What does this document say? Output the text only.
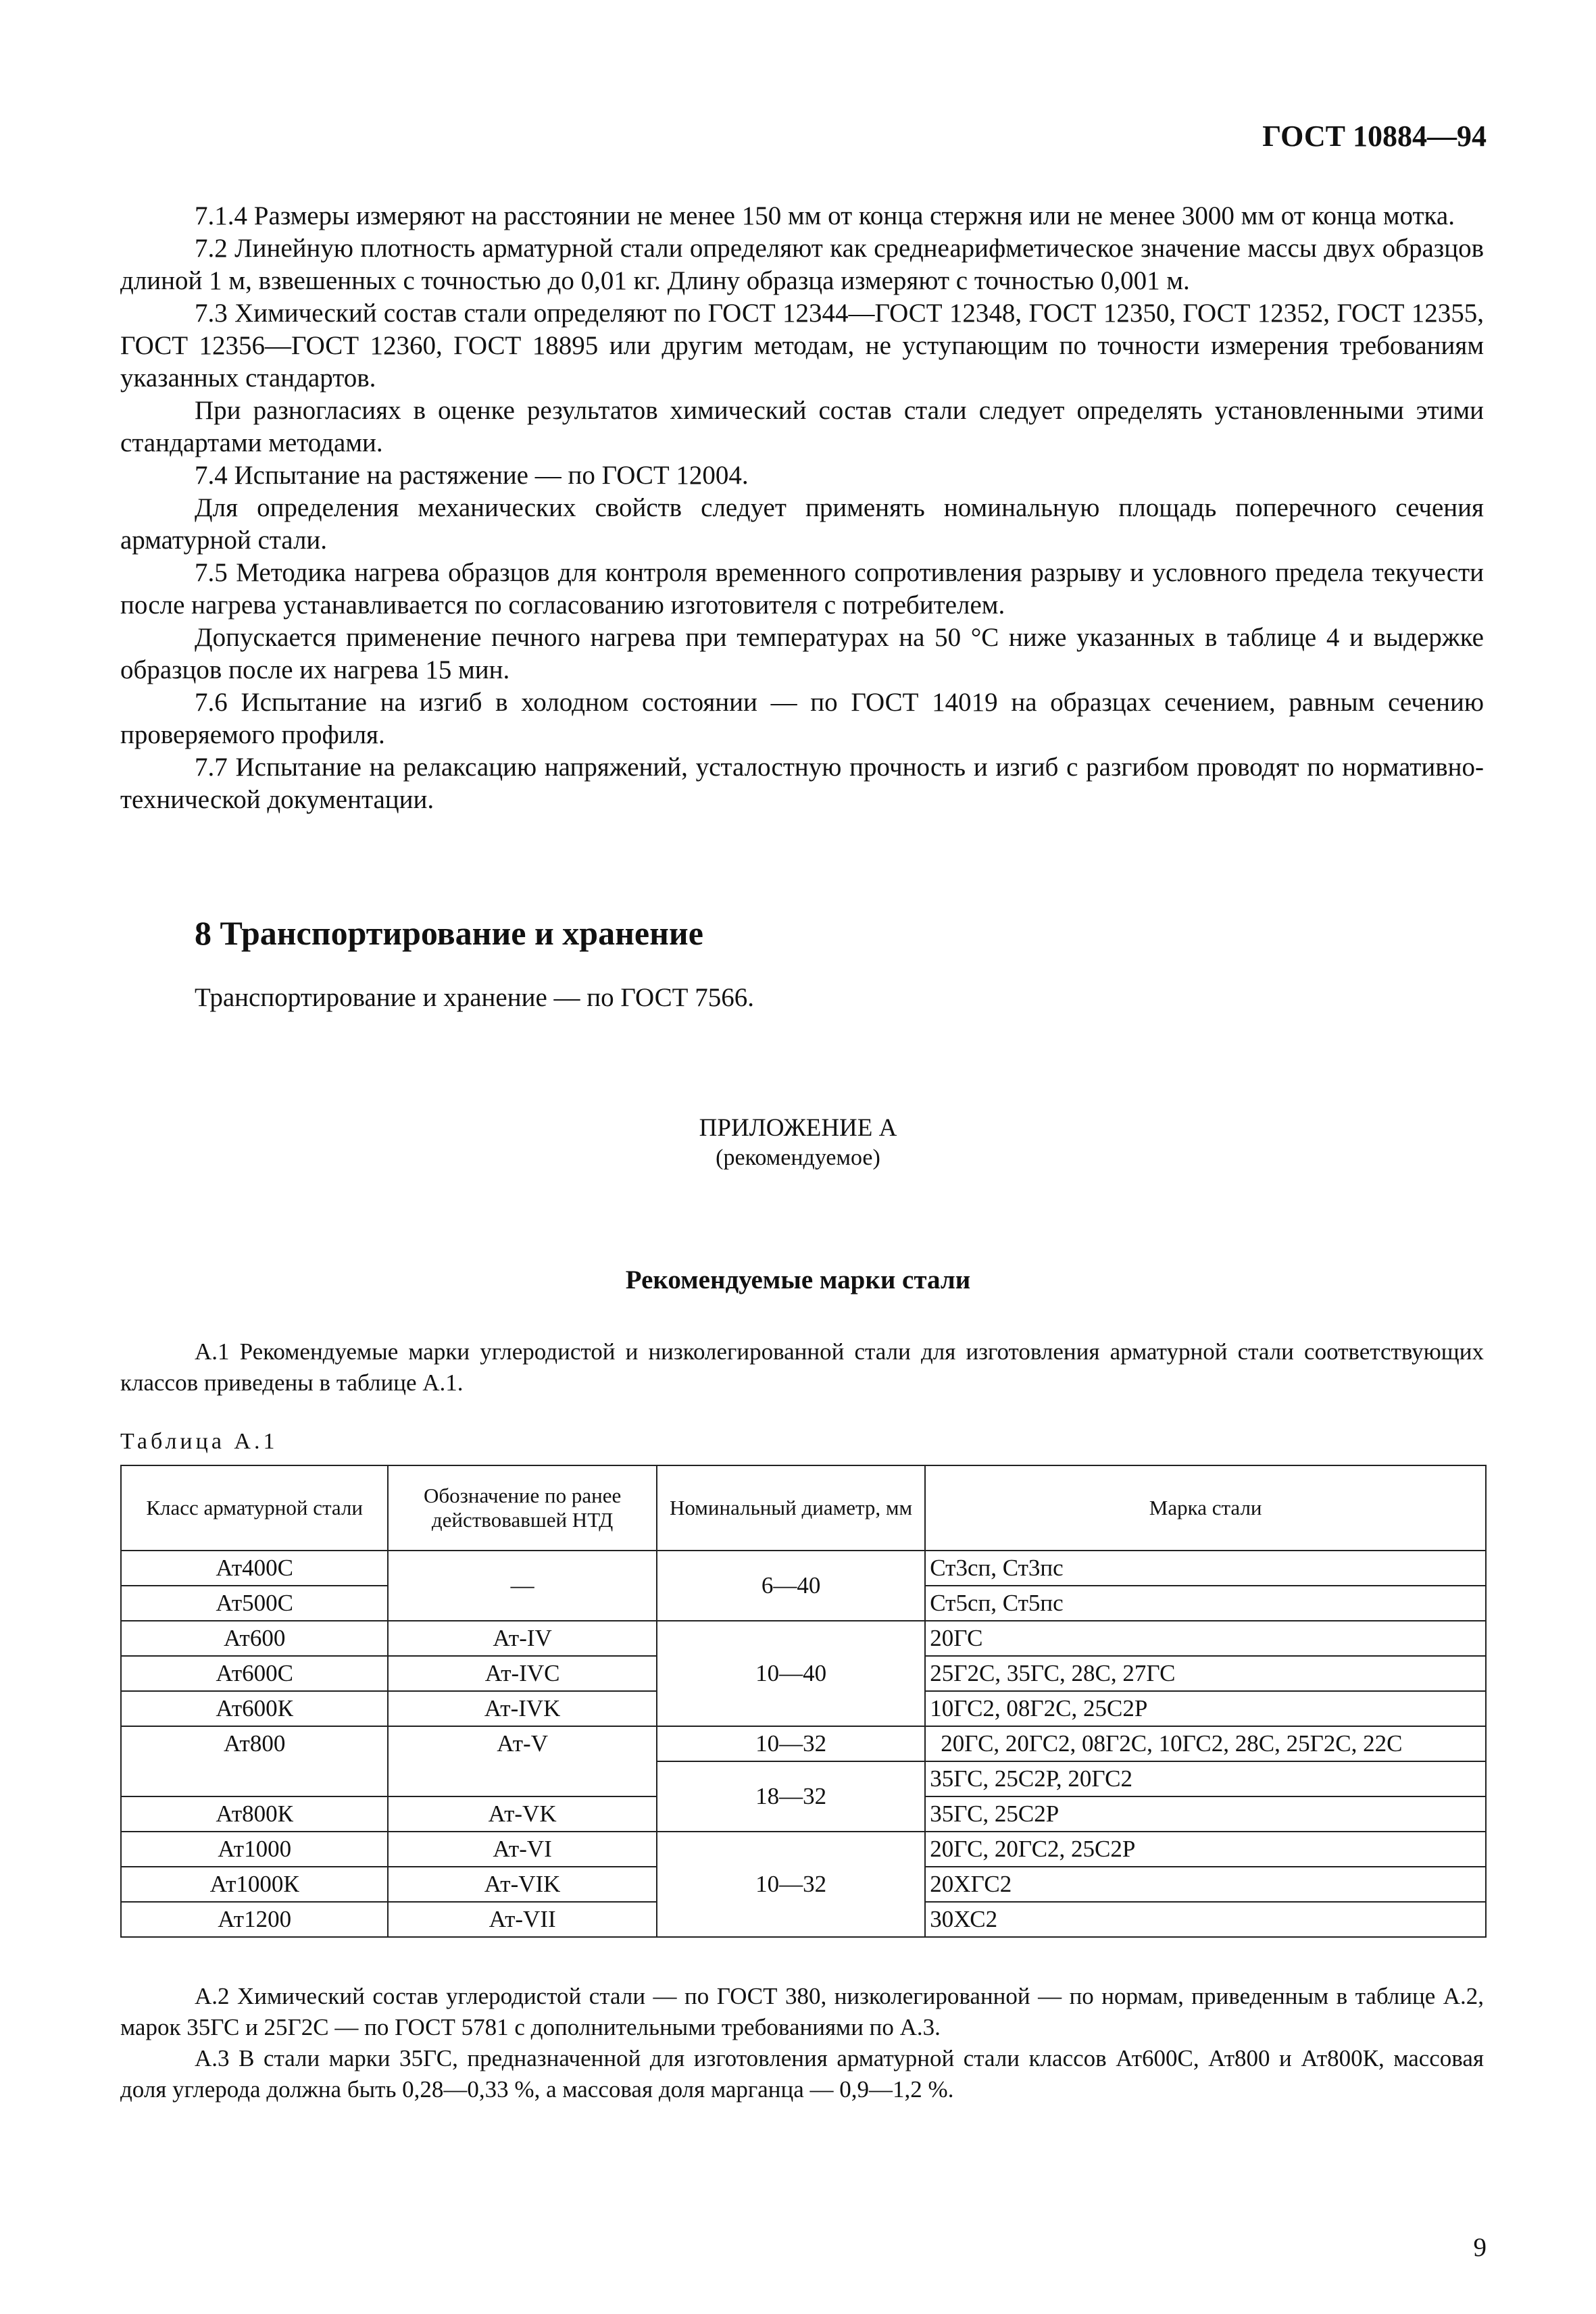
ГОСТ 10884—94

7.1.4 Размеры измеряют на расстоянии не менее 150 мм от конца стержня или не менее 3000 мм от конца мотка.

7.2 Линейную плотность арматурной стали определяют как среднеарифметическое значение массы двух образцов длиной 1 м, взвешенных с точностью до 0,01 кг. Длину образца измеряют с точностью 0,001 м.

7.3 Химический состав стали определяют по ГОСТ 12344—ГОСТ 12348, ГОСТ 12350, ГОСТ 12352, ГОСТ 12355, ГОСТ 12356—ГОСТ 12360, ГОСТ 18895 или другим методам, не уступающим по точности измерения требованиям указанных стандартов.

При разногласиях в оценке результатов химический состав стали следует определять установленными этими стандартами методами.

7.4 Испытание на растяжение — по ГОСТ 12004.

Для определения механических свойств следует применять номинальную площадь поперечного сечения арматурной стали.

7.5 Методика нагрева образцов для контроля временного сопротивления разрыву и условного предела текучести после нагрева устанавливается по согласованию изготовителя с потребителем.

Допускается применение печного нагрева при температурах на 50 °С ниже указанных в таблице 4 и выдержке образцов после их нагрева 15 мин.

7.6 Испытание на изгиб в холодном состоянии — по ГОСТ 14019 на образцах сечением, равным сечению проверяемого профиля.

7.7 Испытание на релаксацию напряжений, усталостную прочность и изгиб с разгибом проводят по нормативно-технической документации.

8 Транспортирование и хранение
Транспортирование и хранение — по ГОСТ 7566.
ПРИЛОЖЕНИЕ А
(рекомендуемое)
Рекомендуемые марки стали

А.1 Рекомендуемые марки углеродистой и низколегированной стали для изготовления арматурной стали соответствующих классов приведены в таблице А.1.

Таблица А.1
Класс арматурной стали	Обозначение по ранее действовавшей НТД	Номинальный диаметр, мм	Марка стали
Ат400С	—	6—40	Ст3сп, Ст3пс
Ат500С			Ст5сп, Ст5пс
Ат600	Ат-IV	10—40	20ГС
Ат600С	Ат-IVC		25Г2С, 35ГС, 28С, 27ГС
Ат600К	Ат-IVK		10ГС2, 08Г2С, 25С2Р
Ат800	Ат-V	10—32	20ГС, 20ГС2, 08Г2С, 10ГС2, 28С, 25Г2С, 22С
		18—32	35ГС, 25С2Р, 20ГС2
Ат800К	Ат-VK		35ГС, 25С2Р
Ат1000	Ат-VI	10—32	20ГС, 20ГС2, 25С2Р
Ат1000К	Ат-VIK		20ХГС2
Ат1200	Ат-VII		30ХС2

А.2 Химический состав углеродистой стали — по ГОСТ 380, низколегированной — по нормам, приведенным в таблице А.2, марок 35ГС и 25Г2С — по ГОСТ 5781 с дополнительными требованиями по А.3.

А.3 В стали марки 35ГС, предназначенной для изготовления арматурной стали классов Ат600С, Ат800 и Ат800К, массовая доля углерода должна быть 0,28—0,33 %, а массовая доля марганца — 0,9—1,2 %.

9
